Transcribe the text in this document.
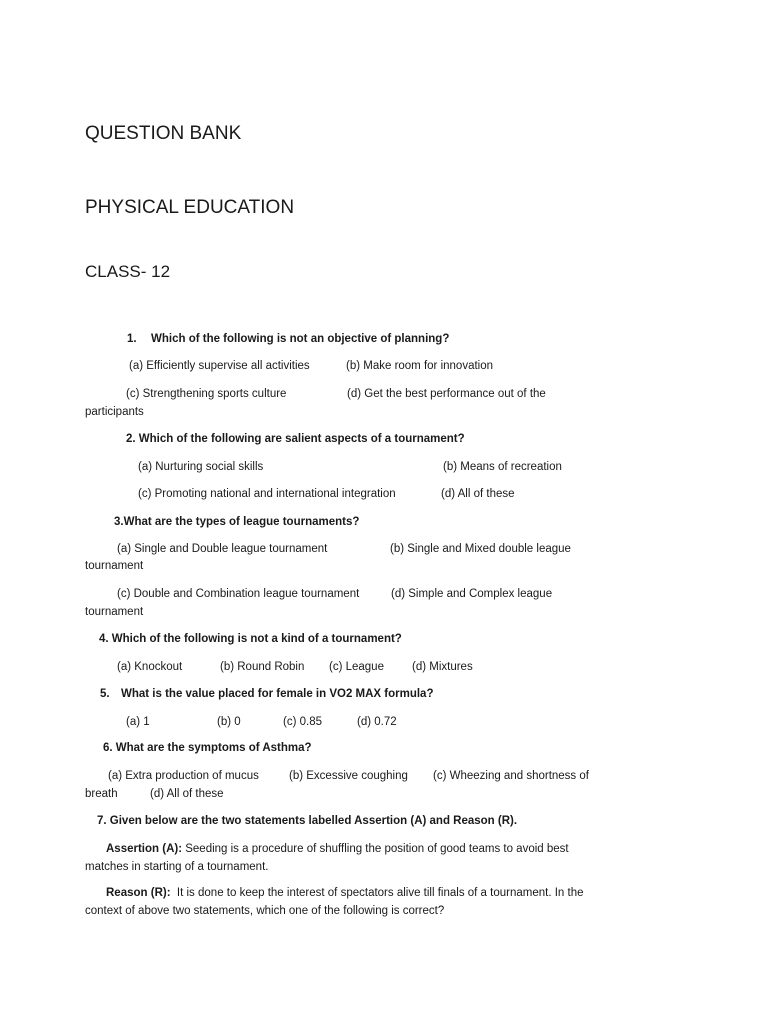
QUESTION BANK
PHYSICAL EDUCATION
CLASS- 12
1. Which of the following is not an objective of planning?
(a) Efficiently supervise all activities	(b) Make room for innovation
(c) Strengthening sports culture	(d) Get the best performance out of the
participants
2. Which of the following are salient aspects of a tournament?
(a) Nurturing social skills	(b) Means of recreation
(c) Promoting national and international integration	(d) All of these
3.What are the types of league tournaments?
(a) Single and Double league tournament	(b) Single and Mixed double league
tournament
(c) Double and Combination league tournament	(d) Simple and Complex league
tournament
4. Which of the following is not a kind of a tournament?
(a) Knockout	(b) Round Robin (c) League (d) Mixtures
5. What is the value placed for female in VO2 MAX formula?
(a) 1	(b) 0	(c) 0.85	(d) 0.72
6. What are the symptoms of Asthma?
(a) Extra production of mucus	(b) Excessive coughing (c) Wheezing and shortness of
breath	(d) All of these
7. Given below are the two statements labelled Assertion (A) and Reason (R).
Assertion (A): Seeding is a procedure of shuffling the position of good teams to avoid best
matches in starting of a tournament.
Reason (R):  It is done to keep the interest of spectators alive till finals of a tournament. In the
context of above two statements, which one of the following is correct?
